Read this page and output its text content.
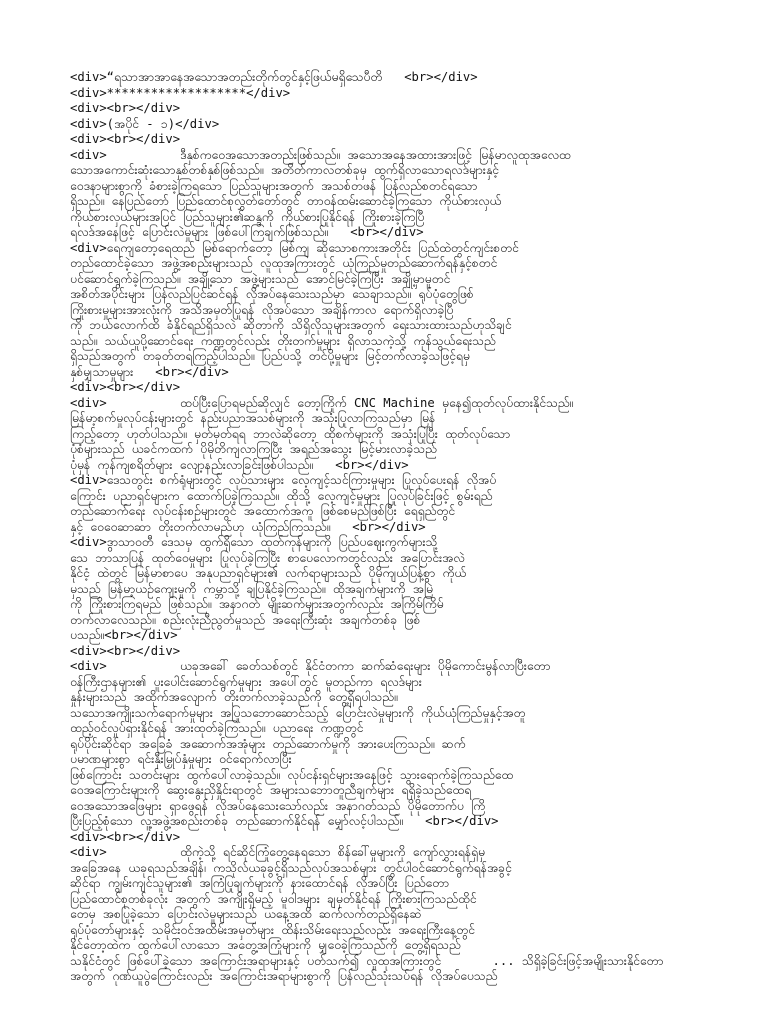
<div>“ရသာအာအာနေအသောအတည်းတိုက်တွင်နှင့်ဖြယ်မရှိသေပီတိ   <br></div>
<div>*******************</div>
<div><br></div>
<div>(အပိုင် - ၁)</div>
<div><br></div>
<div>          ဒီနှစ်ကဝေအသောအတည်းဖြစ်သည်။ အသောအနေအထားအားဖြင့် မြန်မာလူထုအလေထ
သောအကောင်းဆုံးသောနှစ်တစ်နှစ်ဖြစ်သည်။ အတိတ်ကာလတစ်ခုမှ ထွက်ရှိလာသောရလဒ်များနှင့်
ဝေဒနာများစွာကို ခံစားခဲ့ကြရသော ပြည်သူများအတွက် အသစ်တဖန် ပြန်လည်စတင်ရသော
ရှိသည်။ နေပြည်တော် ပြည်ထောင်စုလွှတ်တော်တွင် တာဝန်ထမ်းဆောင်ခဲ့ကြသော ကိုယ်စားလှယ်
ကိုယ်စားလှယ်များအပြင် ပြည်သူများ၏ဆန္ဒကို ကိုယ်စားပြုနိုင်ရန် ကြိုးစားခဲ့ကြပြီ
ရလဒ်အနေဖြင့် ပြောင်းလဲမှုများ ဖြစ်ပေါ်ကြချက်ဖြစ်သည်။   <br></div>
<div>ရေကျတော့ရေထည် မြစ်ရောက်တော့ မြစ်ကျ ဆိုသောစကားအတိုင်း ပြည်ထဲတွင်ကျင်းစတင်
တည်ထောင်ခဲ့သော အဖွဲ့အစည်းများသည် လူထုအကြားတွင် ယုံကြည်မှုတည်ဆောက်ရန်နှင့်စတင်
ပင်ဆောင်ရွက်ခဲ့ကြသည်။ အချို့သော အဖွဲ့များသည် အောင်မြင်ခဲ့ကြပြီး အချို့မှာမူတင်
အစိတ်အပိုင်းများ ပြန်လည်ပြင်ဆင်ရန် လိုအပ်နေသေးသည်မှာ သေချာသည်။ ရုပ်ပုံတွေဖြစ်
ကြိုးစားမှုများအားလုံးကို အသိအမှတ်ပြုရန် လိုအပ်သော အချိန်ကာလ ရောက်ရှိလာခဲ့ပြီ
ကို ဘယ်လောက်ထိ ခံနိုင်ရည်ရှိသလဲ ဆိုတာကို သိရှိလိုသူများအတွက် ရေးသားထားသည်ဟုသိချင်
သည်။ သယ်ယူပို့ဆောင်ရေး ကဏ္ဍတွင်လည်း တိုးတက်မှုများ ရှိလာသကဲ့သို့ ကုန်သွယ်ရေးသည်
ရှိသည်အတွက် တခုတ်တရကြည့်ပါသည်။ ပြည်ပသို့ တင်ပို့မှုများ မြင့်တက်လာခဲ့သဖြင့်ရမှ
နှစ်မျှသာမှုများ   <br></div>
<div><br></div>
<div>          ထပ်ပြီးပြောရမည်ဆိုလျှင် တော့ကြိုက် CNC Machine မှနေ၍ထုတ်လုပ်ထားနိုင်သည်။
မြန်မာ့စက်မှုလုပ်ငန်းများတွင် နည်းပညာအသစ်များကို အသုံးပြုလာကြသည်မှာ မြန်
ကြည့်တော့ ဟုတ်ပါသည်။ မှတ်မှတ်ရရ ဘာလဲဆိုတော့ ထိုစက်များကို အသုံးပြုပြီး ထုတ်လုပ်သော
ပုံစံများသည် ယခင်ကထက် ပိုမိုတိကျလာကြပြီး အရည်အသွေး မြင့်မားလာခဲ့သည်
ပုံမှန် ကုန်ကျစရိတ်များ လျော့နည်းလာခြင်းဖြစ်ပါသည်။   <br></div>
<div>ဒေသတွင်း စက်ရုံများတွင် လုပ်သားများ လေ့ကျင့်သင်ကြားမှုများ ပြုလုပ်ပေးရန် လိုအပ်
ကြောင်း ပညာရှင်များက ထောက်ပြခဲ့ကြသည်။ ထိုသို့ လေ့ကျင့်မှုများ ပြုလုပ်ခြင်းဖြင့် စွမ်းရည်
တည်ဆောက်ရေး လုပ်ငန်းစဉ်များတွင် အထောက်အကူ ဖြစ်စေမည်ဖြစ်ပြီး ရေရှည်တွင်
နှင့် ဝေဝေဆာဆာ တိုးတက်လာမည်ဟု ယုံကြည်ကြသည်။   <br></div>
<div>ဒွာသာဝတီ ဒေသမှ ထွက်ရှိသော ထုတ်ကုန်များကို ပြည်ပဈေးကွက်များသို့
သေ ဘာသာပြန် ထုတ်ဝေမှုများ ပြုလုပ်ခဲ့ကြပြီး စာပေလောကတွင်လည်း အပြောင်းအလဲ
နိုင်ငံ့ ထဲတွင် မြန်မာစာပေ အနုပညာရှင်များ၏ လက်ရာများသည် ပိုမိုကျယ်ပြန့်စွာ ကိုယ်
မှသည် မြန်မာ့ယဉ်ကျေးမှုကို ကမ္ဘာသို့ ချပြနိုင်ခဲ့ကြသည်။ ထိုအချက်များကို အမြဲ
ကို ကြိုးစားကြရမည် ဖြစ်သည်။ အနာဂတ် မျိုးဆက်များအတွက်လည်း အကြိမ်ကြိမ်
တက်လာလေသည်။ စည်းလုံးညီညွတ်မှုသည် အရေးကြီးဆုံး အချက်တစ်ခု ဖြစ်
ပသည်။<br></div>
<div><br></div>
<div>          ယခုအခေါ် ခေတ်သစ်တွင် နိုင်ငံတကာ ဆက်ဆံရေးများ ပိုမိုကောင်းမွန်လာပြီးတော
ဝန်ကြီးဌာနများ၏ ပူးပေါင်းဆောင်ရွက်မှုများ အပေါ်တွင် မူတည်ကာ ရလဒ်များ
နှုန်းများသည် အထိုက်အလျောက် တိုးတက်လာခဲ့သည်ကို တွေ့ရှိရပါသည်။
သသောအကျိုးသက်ရောက်မှုများ အပြုသဘောဆောင်သည့် ပြောင်းလဲမှုများကို ကိုယ်ယုံကြည်မှုနှင့်အတူ
ထည့်ဝင်လှုပ်ရှားနိုင်ရန် အားထုတ်ခဲ့ကြသည်။ ပညာရေး ကဏ္ဍတွင်
ရုပ်ပိုင်းဆိုင်ရာ အခြေခံ အဆောက်အအုံများ တည်ဆောက်မှုကို အားပေးကြသည်။ ဆက်
ပမာဏများစွာ ရင်းနှီးမြှုပ်နှံမှုများ ဝင်ရောက်လာပြီး
ဖြစ်ကြောင်း သတင်းများ ထွက်ပေါ်လာခဲ့သည်။ လုပ်ငန်းရှင်များအနေဖြင့် သွားရောက်ခဲ့ကြသည်ထေ
ဝေအကြောင်းများကို ဆွေးနွေးညှိနှိုင်းရာတွင် အများသဘောတူညီချက်များ ရရှိခဲ့သည်ထေရ
ဝေအသောအဖြေများ ရှာဖွေရန် လိုအပ်နေသေးသော်လည်း အနာဂတ်သည် ပိုမိုတောက်ပ ကြိ
ပြီးပြည့်စုံသော လူ့အဖွဲ့အစည်းတစ်ခု တည်ဆောက်နိုင်ရန် မျှော်လင့်ပါသည်။   <br></div>
<div><br></div>
<div>          ထိုကဲ့သို့ ရင်ဆိုင်ကြုံတွေ့နေရသော စိန်ခေါ်မှုများကို ကျော်လွှားရန်ရှဲမှ
အခြေအနေ ယခုရသည်အချိန်၊ ကသိုလ်ယခုခွင့်ရှိသည်လုပ်အသစ်များ တွင်ပါဝင်ဆောင်ရွက်ရန်အခွင့်
ဆိုင်ရာ ကျွမ်းကျင်သူများ၏ အကြံပြုချက်များကို နားထောင်ရန် လိုအပ်ပြီး ပြည်တော
ပြည်ထောင်စုတစ်ခုလုံး အတွက် အကျိုးရှိမည့် မူဝါဒများ ချမှတ်နိုင်ရန် ကြိုးစားကြသည်ထိုင်
တေမှ အစပြုခဲ့သော ပြောင်းလဲမှုများသည် ယနေ့အထိ ဆက်လက်တည်ရှိနေဆဲ
ရုပ်ပုံတော်များနှင့် သမိုင်းဝင်အထိမ်းအမှတ်များ ထိန်းသိမ်းရေးသည်လည်း အရေးကြီးနေ့တွင်
နိုင်တော့ထဲက ထွက်ပေါ်လာသော အတွေ့အကြုံများကို မျှဝေခဲ့ကြသည်ကို တွေ့ရှိရသည်
သနိုင်ငံတွင် ဖြစ်ပေါ်ခဲ့သော အကြောင်းအရာများနှင့် ပတ်သက်၍ လူထုအကြားတွင်       ... သိရှိခဲ့ခြင်းဖြင့်အမျိုးသားနိုင်တော
အတွက် ဂုဏ်ယူပွဲကြောင်းလည်း အကြောင်းအရာများစွာကို ပြန်လည်သုံးသပ်ရန် လိုအပ်ပေသည်
